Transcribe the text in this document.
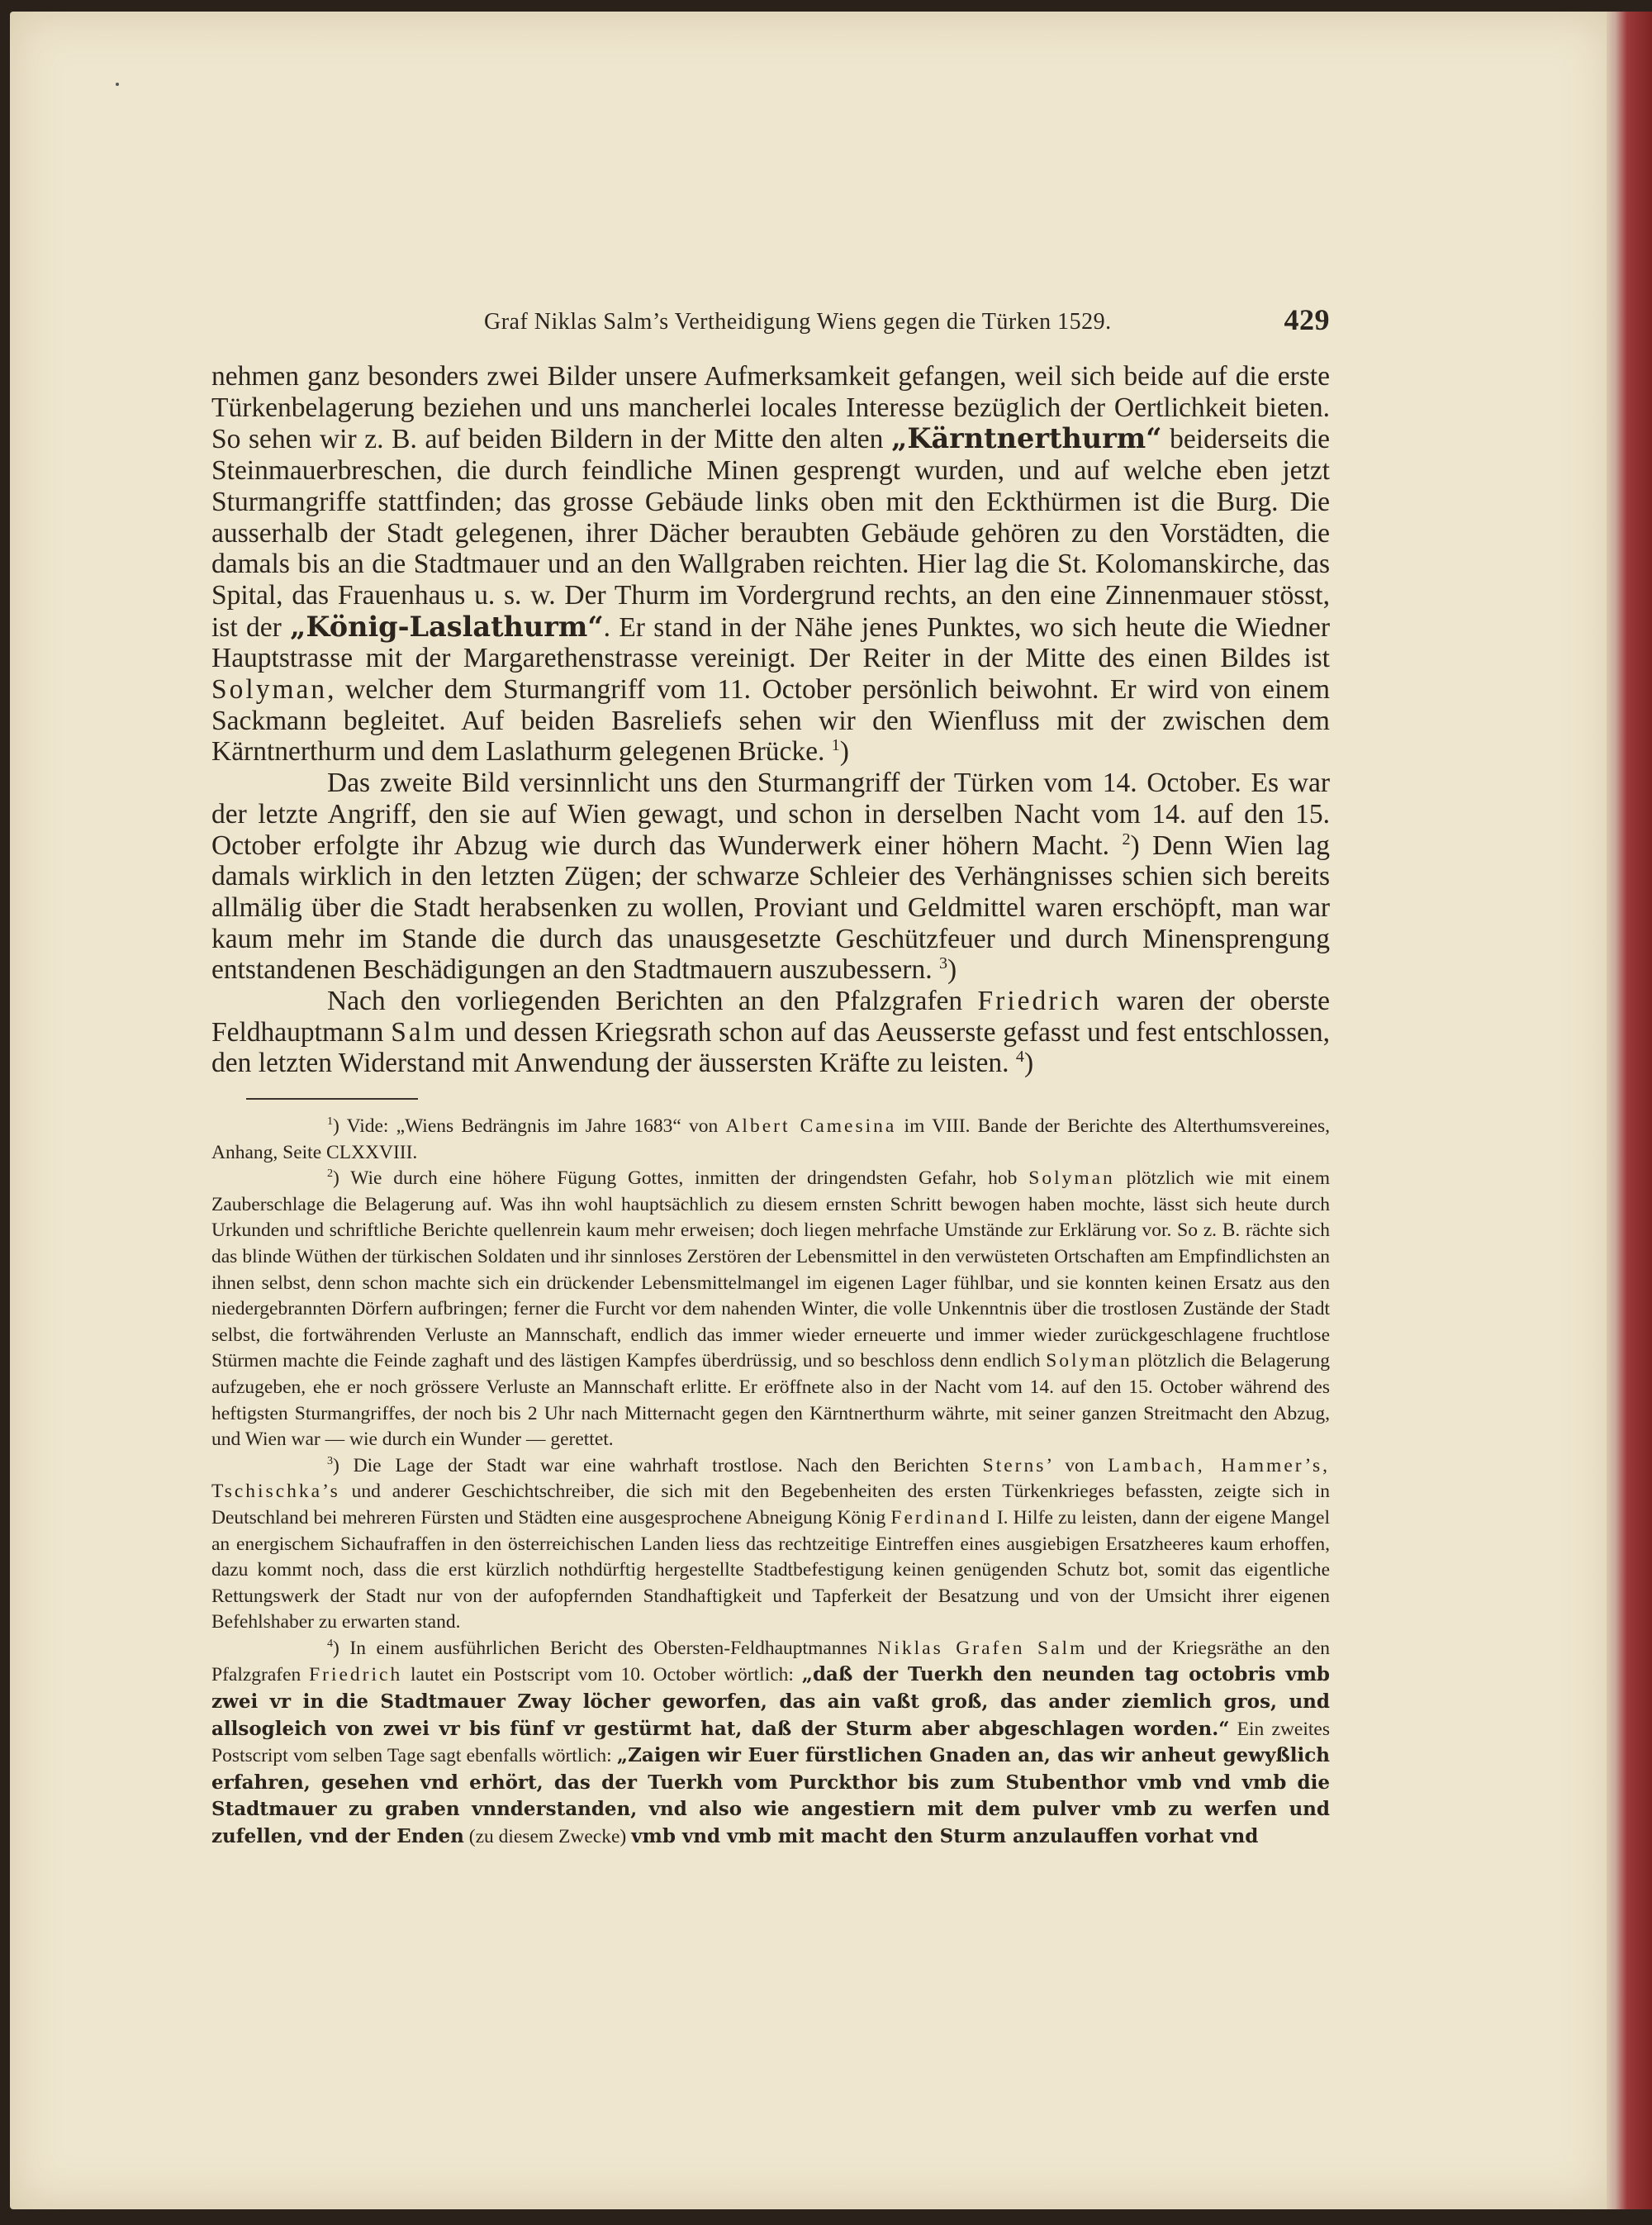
Graf Niklas Salm’s Vertheidigung Wiens gegen die Türken 1529.	429

nehmen ganz besonders zwei Bilder unsere Aufmerksamkeit gefangen, weil sich beide auf die erste Türkenbelagerung beziehen und uns mancherlei locales Interesse bezüglich der Oertlichkeit bieten. So sehen wir z. B. auf beiden Bildern in der Mitte den alten „Kärntnerthurm“ beiderseits die Steinmauerbreschen, die durch feindliche Minen gesprengt wurden, und auf welche eben jetzt Sturmangriffe stattfinden; das grosse Gebäude links oben mit den Eckthürmen ist die Burg. Die ausserhalb der Stadt gelegenen, ihrer Dächer beraubten Gebäude gehören zu den Vorstädten, die damals bis an die Stadtmauer und an den Wallgraben reichten. Hier lag die St. Kolomanskirche, das Spital, das Frauenhaus u. s. w. Der Thurm im Vordergrund rechts, an den eine Zinnenmauer stösst, ist der „König-Laslathurm“. Er stand in der Nähe jenes Punktes, wo sich heute die Wiedner Hauptstrasse mit der Margarethenstrasse vereinigt. Der Reiter in der Mitte des einen Bildes ist Solyman, welcher dem Sturmangriff vom 11. October persönlich beiwohnt. Er wird von einem Sackmann begleitet. Auf beiden Basreliefs sehen wir den Wienfluss mit der zwischen dem Kärntnerthurm und dem Laslathurm gelegenen Brücke. $^1$)

Das zweite Bild versinnlicht uns den Sturmangriff der Türken vom 14. October. Es war der letzte Angriff, den sie auf Wien gewagt, und schon in derselben Nacht vom 14. auf den 15. October erfolgte ihr Abzug wie durch das Wunderwerk einer höhern Macht. $^2$) Denn Wien lag damals wirklich in den letzten Zügen; der schwarze Schleier des Verhängnisses schien sich bereits allmälig über die Stadt herabsenken zu wollen, Proviant und Geldmittel waren erschöpft, man war kaum mehr im Stande die durch das unausgesetzte Geschützfeuer und durch Minensprengung entstandenen Beschädigungen an den Stadtmauern auszubessern. $^3$)

Nach den vorliegenden Berichten an den Pfalzgrafen Friedrich waren der oberste Feldhauptmann Salm und dessen Kriegsrath schon auf das Aeusserste gefasst und fest entschlossen, den letzten Widerstand mit Anwendung der äussersten Kräfte zu leisten. $^4$)

$^1$) Vide: „Wiens Bedrängnis im Jahre 1683“ von Albert Camesina im VIII. Bande der Berichte des Alterthumsvereines, Anhang, Seite CLXXVIII.

$^2$) Wie durch eine höhere Fügung Gottes, inmitten der dringendsten Gefahr, hob Solyman plötzlich wie mit einem Zauberschlage die Belagerung auf. Was ihn wohl hauptsächlich zu diesem ernsten Schritt bewogen haben mochte, lässt sich heute durch Urkunden und schriftliche Berichte quellenrein kaum mehr erweisen; doch liegen mehrfache Umstände zur Erklärung vor. So z. B. rächte sich das blinde Wüthen der türkischen Soldaten und ihr sinnloses Zerstören der Lebensmittel in den verwüsteten Ortschaften am Empfindlichsten an ihnen selbst, denn schon machte sich ein drückender Lebensmittelmangel im eigenen Lager fühlbar, und sie konnten keinen Ersatz aus den niedergebrannten Dörfern aufbringen; ferner die Furcht vor dem nahenden Winter, die volle Unkenntnis über die trostlosen Zustände der Stadt selbst, die fortwährenden Verluste an Mannschaft, endlich das immer wieder erneuerte und immer wieder zurückgeschlagene fruchtlose Stürmen machte die Feinde zaghaft und des lästigen Kampfes überdrüssig, und so beschloss denn endlich Solyman plötzlich die Belagerung aufzugeben, ehe er noch grössere Verluste an Mannschaft erlitte. Er eröffnete also in der Nacht vom 14. auf den 15. October während des heftigsten Sturmangriffes, der noch bis 2 Uhr nach Mitternacht gegen den Kärntnerthurm währte, mit seiner ganzen Streitmacht den Abzug, und Wien war — wie durch ein Wunder — gerettet.

$^3$) Die Lage der Stadt war eine wahrhaft trostlose. Nach den Berichten Sterns’ von Lambach, Hammer’s, Tschischka’s und anderer Geschichtschreiber, die sich mit den Begebenheiten des ersten Türkenkrieges befassten, zeigte sich in Deutschland bei mehreren Fürsten und Städten eine ausgesprochene Abneigung König Ferdinand I. Hilfe zu leisten, dann der eigene Mangel an energischem Sichaufraffen in den österreichischen Landen liess das rechtzeitige Eintreffen eines ausgiebigen Ersatzheeres kaum erhoffen, dazu kommt noch, dass die erst kürzlich nothdürftig hergestellte Stadtbefestigung keinen genügenden Schutz bot, somit das eigentliche Rettungswerk der Stadt nur von der aufopfernden Standhaftigkeit und Tapferkeit der Besatzung und von der Umsicht ihrer eigenen Befehlshaber zu erwarten stand.

$^4$) In einem ausführlichen Bericht des Obersten-Feldhauptmannes Niklas Grafen Salm und der Kriegsräthe an den Pfalzgrafen Friedrich lautet ein Postscript vom 10. October wörtlich: „daß der Tuerkh den neunden tag octobris vmb zwei vr in die Stadtmauer Zway löcher geworfen, das ain vaßt groß, das ander ziemlich gros, und allsogleich von zwei vr bis fünf vr gestürmt hat, daß der Sturm aber abgeschlagen worden.“ Ein zweites Postscript vom selben Tage sagt ebenfalls wörtlich: „Zaigen wir Euer fürstlichen Gnaden an, das wir anheut gewyßlich erfahren, gesehen vnd erhört, das der Tuerkh vom Purckthor bis zum Stubenthor vmb vnd vmb die Stadtmauer zu graben vnnderstanden, vnd also wie angestiern mit dem pulver vmb zu werfen und zufellen, vnd der Enden (zu diesem Zwecke) vmb vnd vmb mit macht den Sturm anzulauffen vorhat vnd
